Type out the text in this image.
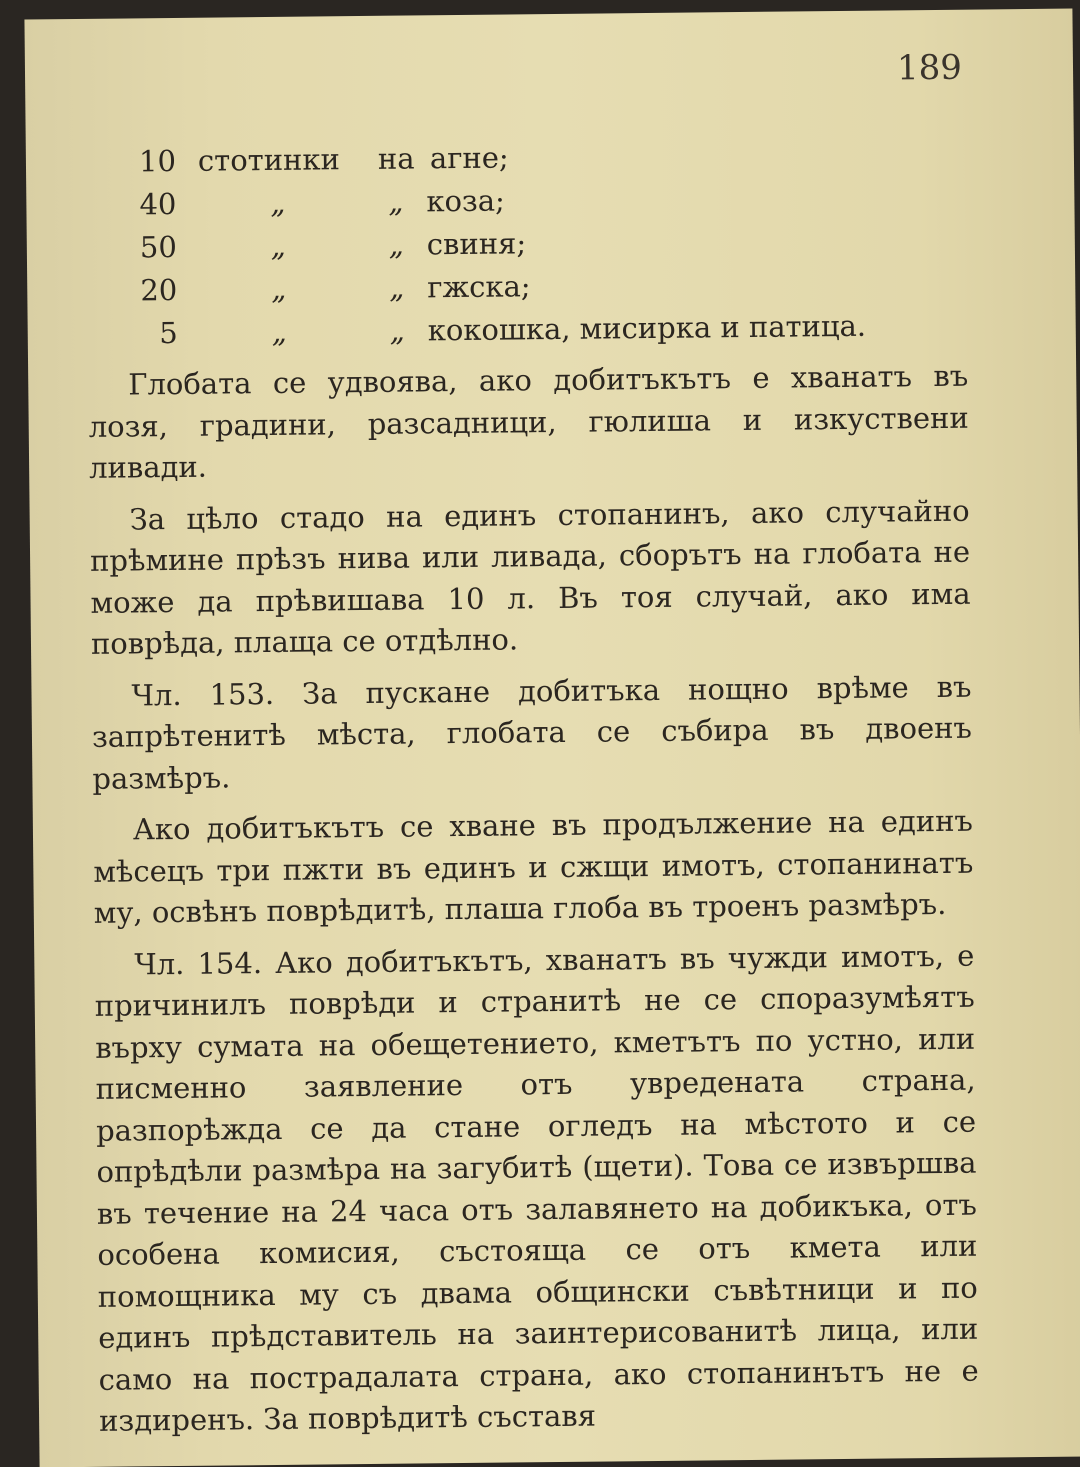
189
10 стотинки на агне;
40	„	„ коза;
50	„	„ свиня;
20	„	„ гжска;
5	„	„ кокошка, мисирка и патица.

Глобата се удвоява, ако добитъкътъ е хванатъ въ лозя, градини, разсадници, гюлиша и изкуствени ливади.

За цѣло стадо на единъ стопанинъ, ако случайно прѣмине прѣзъ нива или ливада, сборътъ на глобата не може да прѣвишава 10 л. Въ тоя случай, ако има поврѣда, плаща се отдѣлно.

Чл. 153. За пускане добитъка нощно врѣме въ запрѣтенитѣ мѣста, глобата се събира въ двоенъ размѣръ.

Ако добитъкътъ се хване въ продължение на единъ мѣсецъ три пжти въ единъ и сжщи имотъ, стопанинатъ му, освѣнъ поврѣдитѣ, плаша глоба въ троенъ размѣръ.

Чл. 154. Ако добитъкътъ, хванатъ въ чужди имотъ, е причинилъ поврѣди и странитѣ не се споразумѣятъ върху сумата на обещетението, кметътъ по устно, или писменно заявление отъ увредената страна, разпорѣжда се да стане огледъ на мѣстото и се опрѣдѣли размѣра на загубитѣ (щети). Това се извършва въ течение на 24 часа отъ залавянето на добикъка, отъ особена комисия, състояща се отъ кмета или помощника му съ двама общински съвѣтници и по единъ прѣдставитель на заинтерисованитѣ лица, или само на пострадалата страна, ако стопанинътъ не е издиренъ. За поврѣдитѣ съставя
